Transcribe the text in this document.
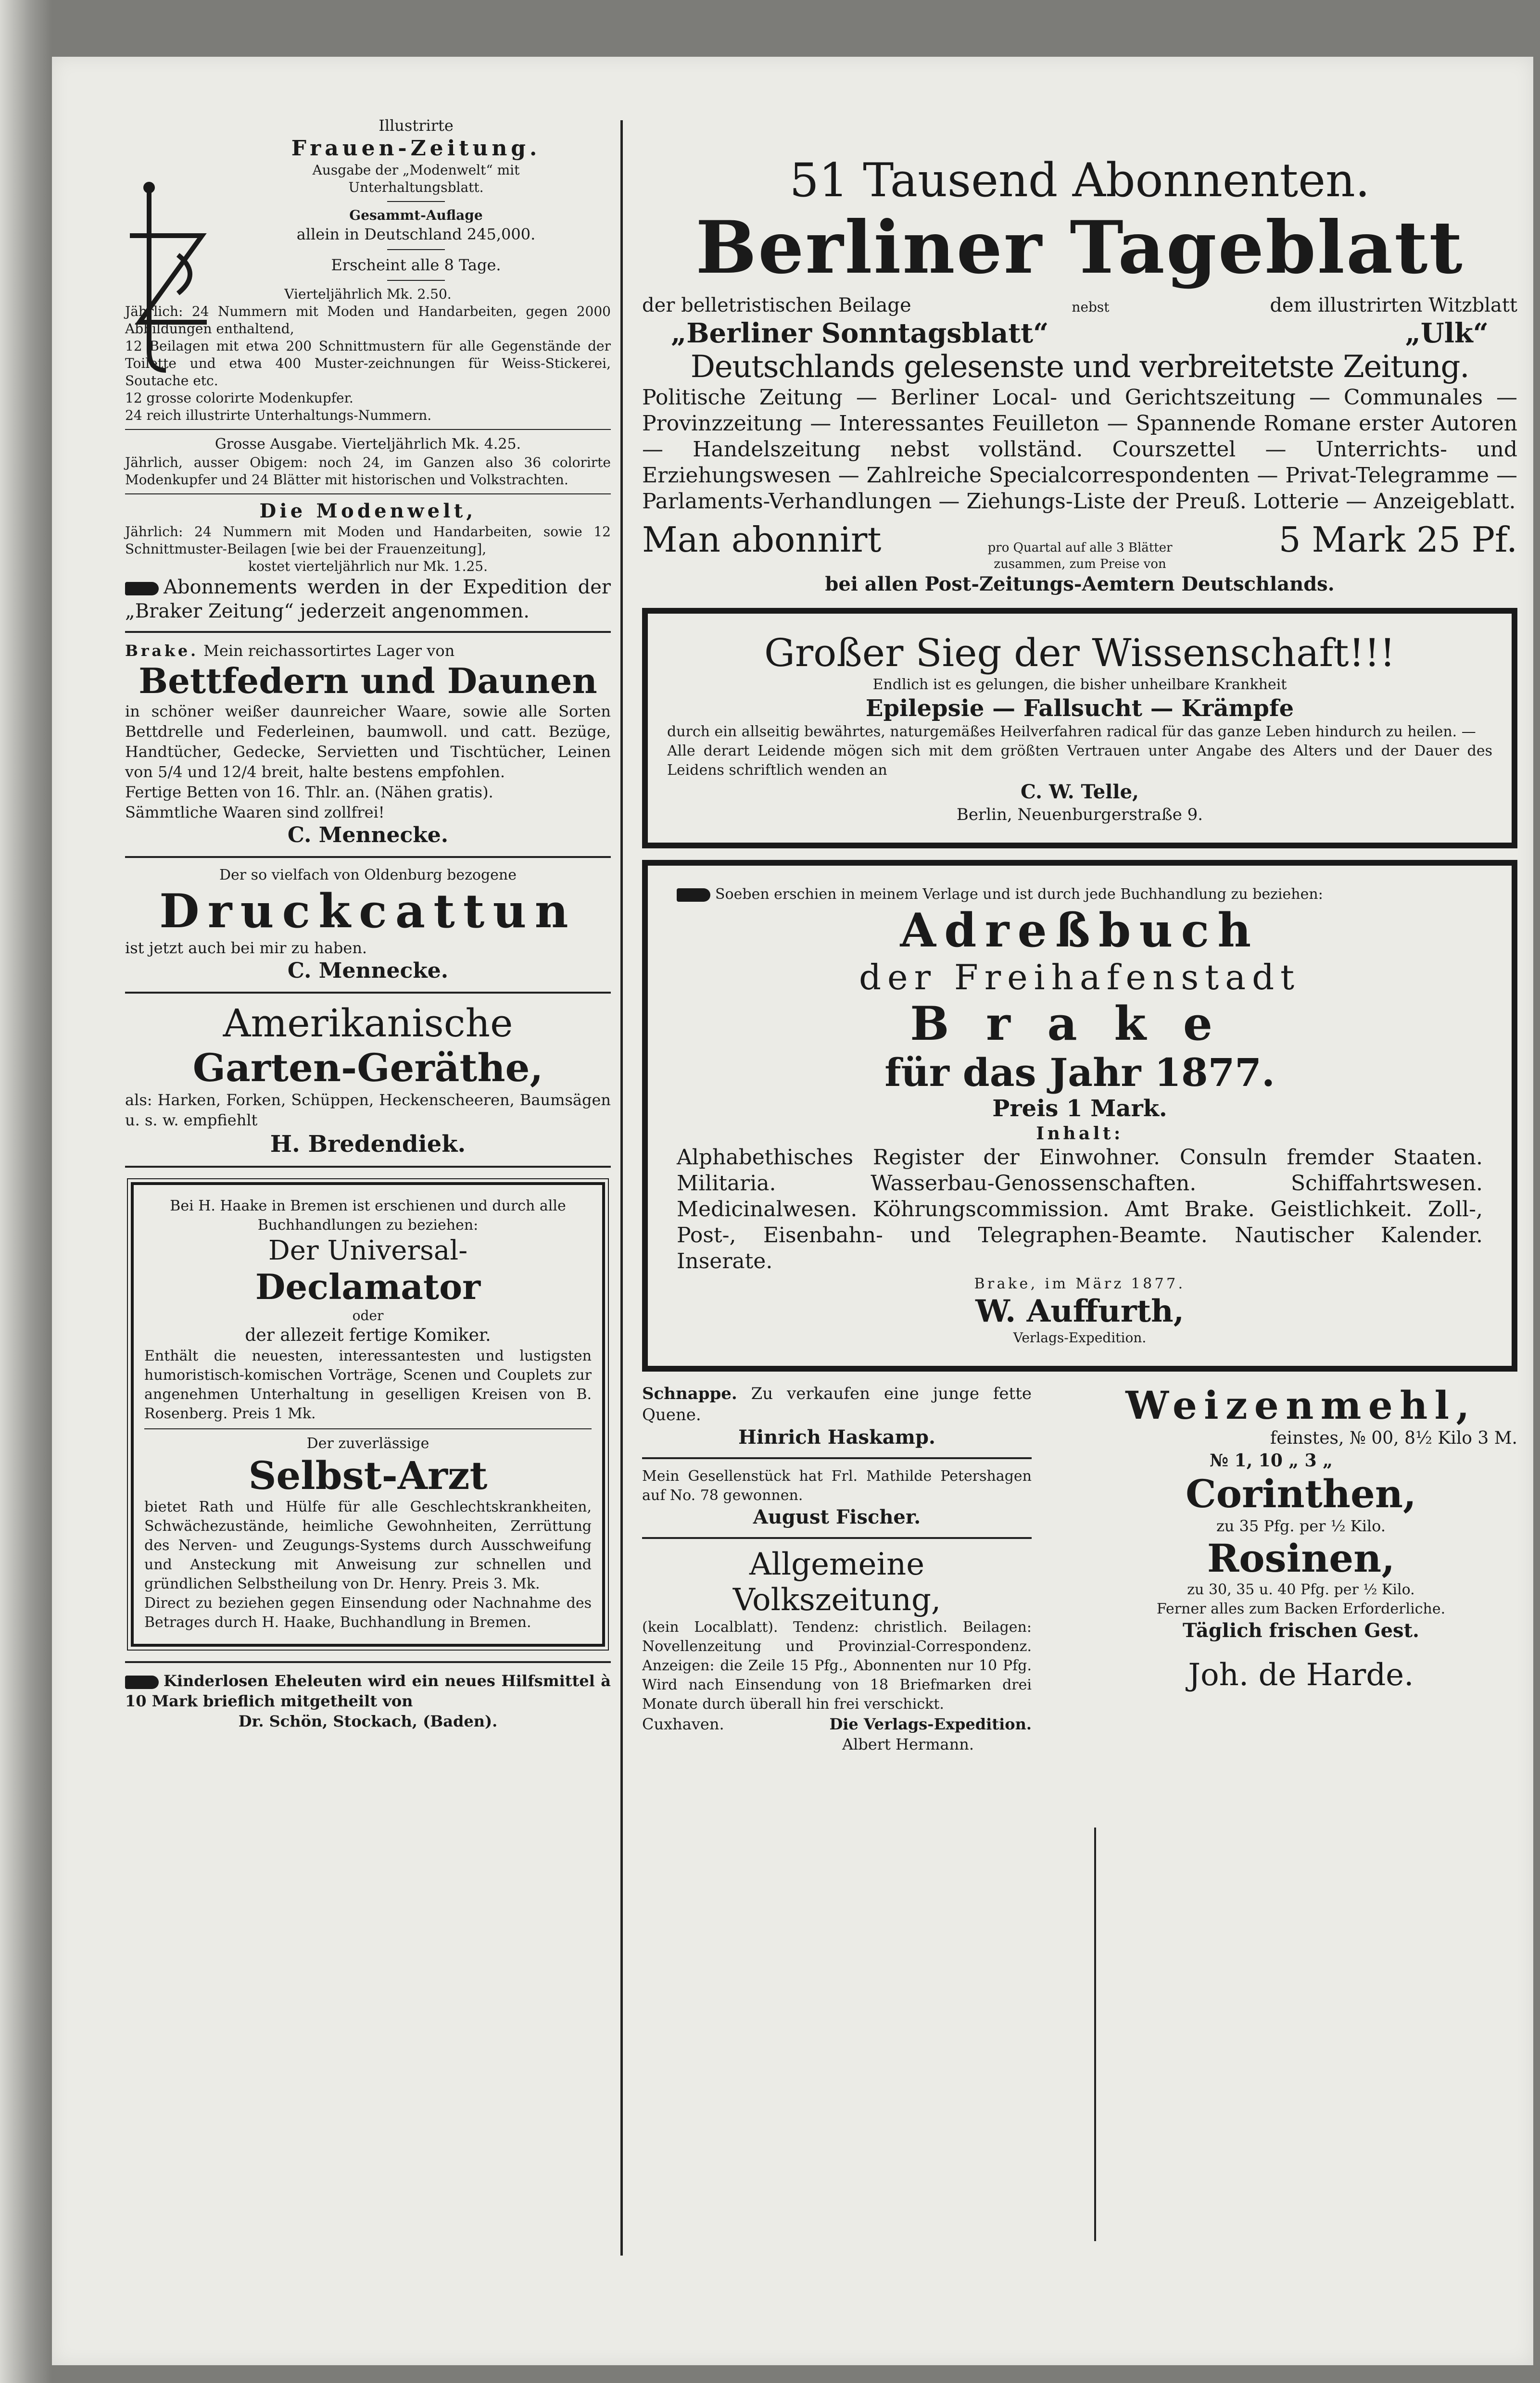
Illustrirte

Frauen-Zeitung.

Ausgabe der „Modenwelt“ mit

Unterhaltungsblatt.

Gesammt-Auflage

allein in Deutschland 245,000.

Erscheint alle 8 Tage.

Vierteljährlich Mk. 2.50.

Jährlich: 24 Nummern mit Moden und Handarbeiten, gegen 2000 Abbildungen enthaltend,

12 Beilagen mit etwa 200 Schnittmustern für alle Gegenstände der Toilette und etwa 400 Muster-zeichnungen für Weiss-Stickerei, Soutache etc.

12 grosse colorirte Modenkupfer.

24 reich illustrirte Unterhaltungs-Nummern.

Grosse Ausgabe. Vierteljährlich Mk. 4.25.

Jährlich, ausser Obigem: noch 24, im Ganzen also 36 colorirte Modenkupfer und 24 Blätter mit historischen und Volkstrachten.

Die Modenwelt,

Jährlich: 24 Nummern mit Moden und Handarbeiten, sowie 12 Schnittmuster-Beilagen [wie bei der Frauenzeitung],

kostet vierteljährlich nur Mk. 1.25.

Abonnements werden in der Expedition der „Braker Zeitung“ jederzeit angenommen.

Brake. Mein reichassortirtes Lager von

Bettfedern und Daunen

in schöner weißer daunreicher Waare, sowie alle Sorten Bettdrelle und Federleinen, baumwoll. und catt. Bezüge, Handtücher, Gedecke, Servietten und Tischtücher, Leinen von 5/4 und 12/4 breit, halte bestens empfohlen.

Fertige Betten von 16. Thlr. an. (Nähen gratis).

Sämmtliche Waaren sind zollfrei!

C. Mennecke.

Der so vielfach von Oldenburg bezogene

Druckcattun

ist jetzt auch bei mir zu haben.

C. Mennecke.

Amerikanische

Garten-Geräthe,

als: Harken, Forken, Schüppen, Heckenscheeren, Baumsägen u. s. w. empfiehlt

H. Bredendiek.

Bei H. Haake in Bremen ist erschienen und durch alle Buchhandlungen zu beziehen:

Der Universal-

Declamator

oder

der allezeit fertige Komiker.

Enthält die neuesten, interessantesten und lustigsten humoristisch-komischen Vorträge, Scenen und Couplets zur angenehmen Unterhaltung in geselligen Kreisen von B. Rosenberg. Preis 1 Mk.

Der zuverlässige

Selbst-Arzt

bietet Rath und Hülfe für alle Geschlechtskrankheiten, Schwächezustände, heimliche Gewohnheiten, Zerrüttung des Nerven- und Zeugungs-Systems durch Ausschweifung und Ansteckung mit Anweisung zur schnellen und gründlichen Selbstheilung von Dr. Henry. Preis 3. Mk.

Direct zu beziehen gegen Einsendung oder Nachnahme des Betrages durch H. Haake, Buchhandlung in Bremen.

Kinderlosen Eheleuten wird ein neues Hilfsmittel à 10 Mark brieflich mitgetheilt von

Dr. Schön, Stockach, (Baden).

51 Tausend Abonnenten.

Berliner Tageblatt

der belletristischen Beilage	nebst	dem illustrirten Witzblatt
„Berliner Sonntagsblatt“	„Ulk“

Deutschlands gelesenste und verbreitetste Zeitung.

Politische Zeitung — Berliner Local- und Gerichtszeitung — Communales — Provinzzeitung — Interessantes Feuilleton — Spannende Romane erster Autoren — Handelszeitung nebst vollständ. Courszettel — Unterrichts- und Erziehungswesen — Zahlreiche Specialcorrespondenten — Privat-Telegramme — Parlaments-Verhandlungen — Ziehungs-Liste der Preuß. Lotterie — Anzeigeblatt.

Man abonnirt	pro Quartal auf alle 3 Blätter
zusammen, zum Preise von
5 Mark 25 Pf.

bei allen Post-Zeitungs-Aemtern Deutschlands.

Großer Sieg der Wissenschaft!!!

Endlich ist es gelungen, die bisher unheilbare Krankheit

Epilepsie — Fallsucht — Krämpfe

durch ein allseitig bewährtes, naturgemäßes Heilverfahren radical für das ganze Leben hindurch zu heilen. —

Alle derart Leidende mögen sich mit dem größten Vertrauen unter Angabe des Alters und der Dauer des Leidens schriftlich wenden an

C. W. Telle,

Berlin, Neuenburgerstraße 9.

Soeben erschien in meinem Verlage und ist durch jede Buchhandlung zu beziehen:

Adreßbuch

der Freihafenstadt

Brake

für das Jahr 1877.

Preis 1 Mark.

Inhalt:

Alphabethisches Register der Einwohner. Consuln fremder Staaten. Militaria. Wasserbau-Genossenschaften. Schiffahrtswesen. Medicinalwesen. Köhrungscommission. Amt Brake. Geistlichkeit. Zoll-, Post-, Eisenbahn- und Telegraphen-Beamte. Nautischer Kalender. Inserate.

Brake, im März 1877.

W. Auffurth,

Verlags-Expedition.

Schnappe. Zu verkaufen eine junge fette Quene.

Hinrich Haskamp.

Mein Gesellenstück hat Frl. Mathilde Petershagen auf No. 78 gewonnen.

August Fischer.

Allgemeine Volkszeitung,

(kein Localblatt). Tendenz: christlich. Beilagen: Novellenzeitung und Provinzial-Correspondenz. Anzeigen: die Zeile 15 Pfg., Abonnenten nur 10 Pfg. Wird nach Einsendung von 18 Briefmarken drei Monate durch überall hin frei verschickt.

Cuxhaven.	Die Verlags-Expedition.

Albert Hermann.

Weizenmehl,

feinstes, № 00, 8½ Kilo 3 M.

№ 1, 10 „ 3 „

Corinthen,

zu 35 Pfg. per ½ Kilo.

Rosinen,

zu 30, 35 u. 40 Pfg. per ½ Kilo.

Ferner alles zum Backen Erforderliche.

Täglich frischen Gest.

Joh. de Harde.
